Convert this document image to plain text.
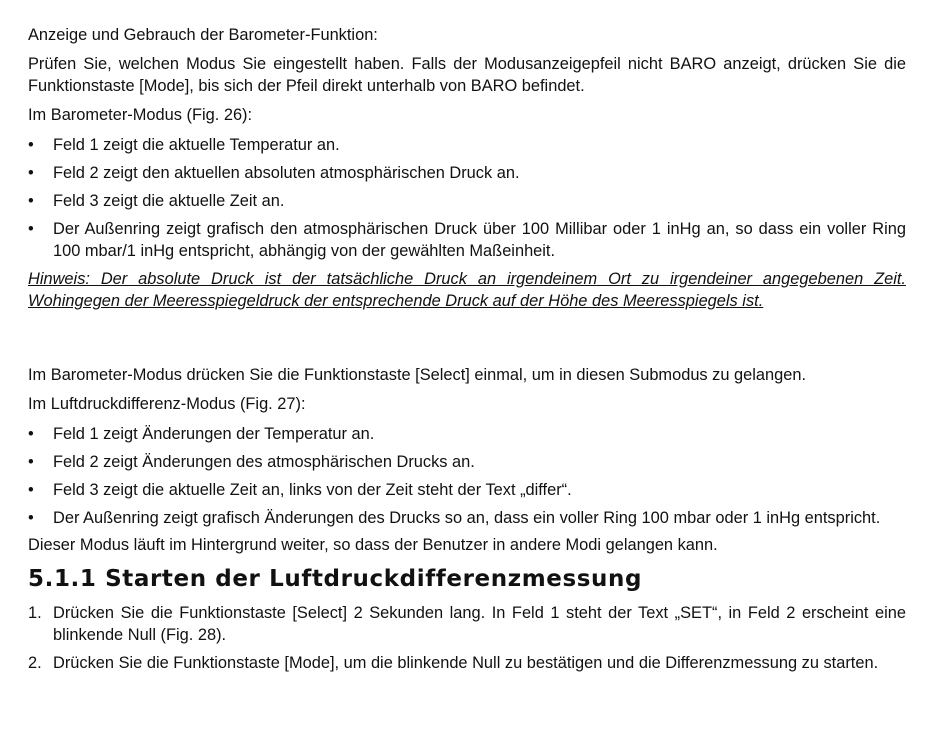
Anzeige und Gebrauch der Barometer-Funktion:

Prüfen Sie, welchen Modus Sie eingestellt haben. Falls der Modusanzeigepfeil nicht BARO anzeigt, drücken Sie die Funktionstaste [Mode], bis sich der Pfeil direkt unterhalb von BARO befindet.

Im Barometer-Modus (Fig. 26):

• Feld 1 zeigt die aktuelle Temperatur an.
• Feld 2 zeigt den aktuellen absoluten atmosphärischen Druck an.
• Feld 3 zeigt die aktuelle Zeit an.
• Der Außenring zeigt grafisch den atmosphärischen Druck über 100 Millibar oder 1 inHg an, so dass ein voller Ring 100 mbar/1 inHg entspricht, abhängig von der gewählten Maßeinheit.

Hinweis: Der absolute Druck ist der tatsächliche Druck an irgendeinem Ort zu irgendeiner angegebenen Zeit. Wohingegen der Meeresspiegeldruck der entsprechende Druck auf der Höhe des Meeresspiegels ist.

Im Barometer-Modus drücken Sie die Funktionstaste [Select] einmal, um in diesen Submodus zu gelangen.

Im Luftdruckdifferenz-Modus (Fig. 27):

• Feld 1 zeigt Änderungen der Temperatur an.
• Feld 2 zeigt Änderungen des atmosphärischen Drucks an.
• Feld 3 zeigt die aktuelle Zeit an, links von der Zeit steht der Text „differ“.
• Der Außenring zeigt grafisch Änderungen des Drucks so an, dass ein voller Ring 100 mbar oder 1 inHg entspricht.

Dieser Modus läuft im Hintergrund weiter, so dass der Benutzer in andere Modi gelangen kann.

5.1.1 Starten der Luftdruckdifferenzmessung
1. Drücken Sie die Funktionstaste [Select] 2 Sekunden lang. In Feld 1 steht der Text „SET“, in Feld 2 erscheint eine blinkende Null (Fig. 28).
2. Drücken Sie die Funktionstaste [Mode], um die blinkende Null zu bestätigen und die Differenzmessung zu starten.
